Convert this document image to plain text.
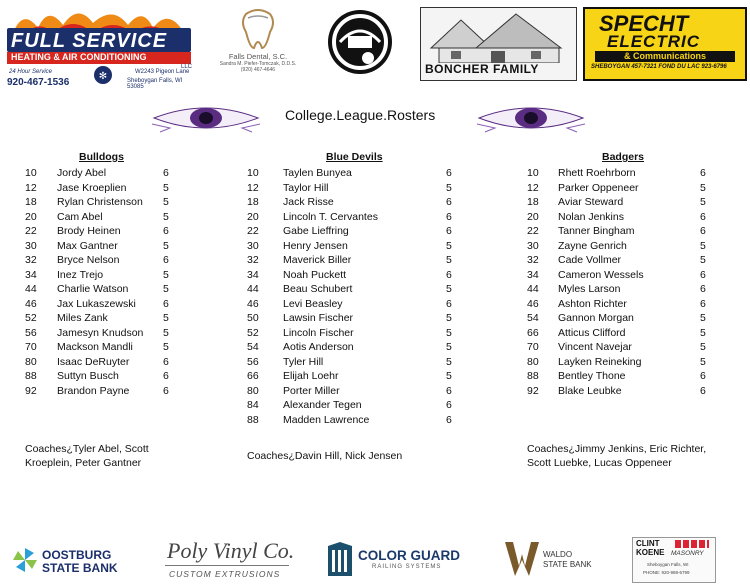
✻
FULL SERVICE
HEATING & AIR CONDITIONING
LLC
24 Hour Service
920-467-1536
W2243 Pigeon Lane
Sheboygan Falls, WI 53085
Falls Dental, S.C.
Sandra M. Piefer-Tomczak, D.D.S.
(920) 467-4646	BONCHER FAMILY
SPECHT
ELECTRIC
& Communications
SHEBOYGAN 457-7321 FOND DU LAC 923-6796
College.League.Rosters
Bulldogs	Blue Devils	Badgers
10 Jordy Abel	6
12 Jase Kroeplien	5
18 Rylan Christenson 5
20 Cam Abel	5
22 Brody Heinen	6
30 Max Gantner	5
32 Bryce Nelson	6
34 Inez Trejo	5
44 Charlie Watson	5
46 Jax Lukaszewski	6
52 Miles Zank	5
56 Jamesyn Knudson 5
70 Mackson Mandli	5
80 Isaac DeRuyter	6
88 Suttyn Busch	6
92 Brandon Payne	6
10 Taylen Bunyea	6
12 Taylor Hill	5
18 Jack Risse	6
20 Lincoln T. Cervantes	6
22 Gabe Lieffring	6
30 Henry Jensen	5
32 Maverick Biller	5
34 Noah Puckett	6
44 Beau Schubert	5
46 Levi Beasley	6
50 Lawsin Fischer	5
52 Lincoln Fischer	5
54 Aotis Anderson	5
56 Tyler Hill	5
66 Elijah Loehr	5
80 Porter Miller	6
84 Alexander Tegen	6
88 Madden Lawrence	6
10 Rhett Roehrborn	6
12 Parker Oppeneer	5
18 Aviar Steward	5
20 Nolan Jenkins	6
22 Tanner Bingham	6
30 Zayne Genrich	5
32 Cade Vollmer	5
34 Cameron Wessels	6
44 Myles Larson	6
46 Ashton Richter	6
54 Gannon Morgan	5
66 Atticus Clifford	5
70 Vincent Navejar	5
80 Layken Reineking	5
88 Bentley Thone	6
92 Blake Leubke	6
Coaches¿Tyler Abel, Scott
Kroeplein, Peter Gantner
Coaches¿Davin Hill, Nick Jensen
Coaches¿Jimmy Jenkins, Eric Richter,
Scott Luebke, Lucas Oppeneer
OOSTBURG
STATE BANK
Poly Vinyl Co.
CUSTOM EXTRUSIONS
COLOR GUARD
RAILING SYSTEMS
WALDO
STATE BANK
CLINT
KOENE MASONRY
Sheboygan Falls, WI
PHONE: 920-988-6799
